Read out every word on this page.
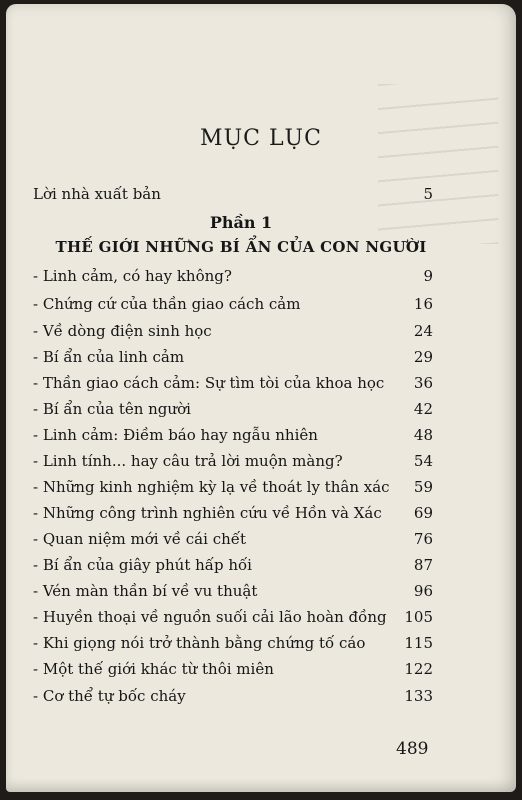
MỤC LỤC
Lời nhà xuất bản	5
Phần 1
THẾ GIỚI NHỮNG BÍ ẨN CỦA CON NGƯỜI
- Linh cảm, có hay không?	9
- Chứng cứ của thần giao cách cảm	16
- Về dòng điện sinh học	24
- Bí ẩn của linh cảm	29
- Thần giao cách cảm: Sự tìm tòi của khoa học	36
- Bí ẩn của tên người	42
- Linh cảm: Điềm báo hay ngẫu nhiên	48
- Linh tính... hay câu trả lời muộn màng?	54
- Những kinh nghiệm kỳ lạ về thoát ly thân xác	59
- Những công trình nghiên cứu về Hồn và Xác	69
- Quan niệm mới về cái chết	76
- Bí ẩn của giây phút hấp hối	87
- Vén màn thần bí về vu thuật	96
- Huyền thoại về nguồn suối cải lão hoàn đồng 105
- Khi giọng nói trở thành bằng chứng tố cáo	115
- Một thế giới khác từ thôi miên	122
- Cơ thể tự bốc cháy	133
489
